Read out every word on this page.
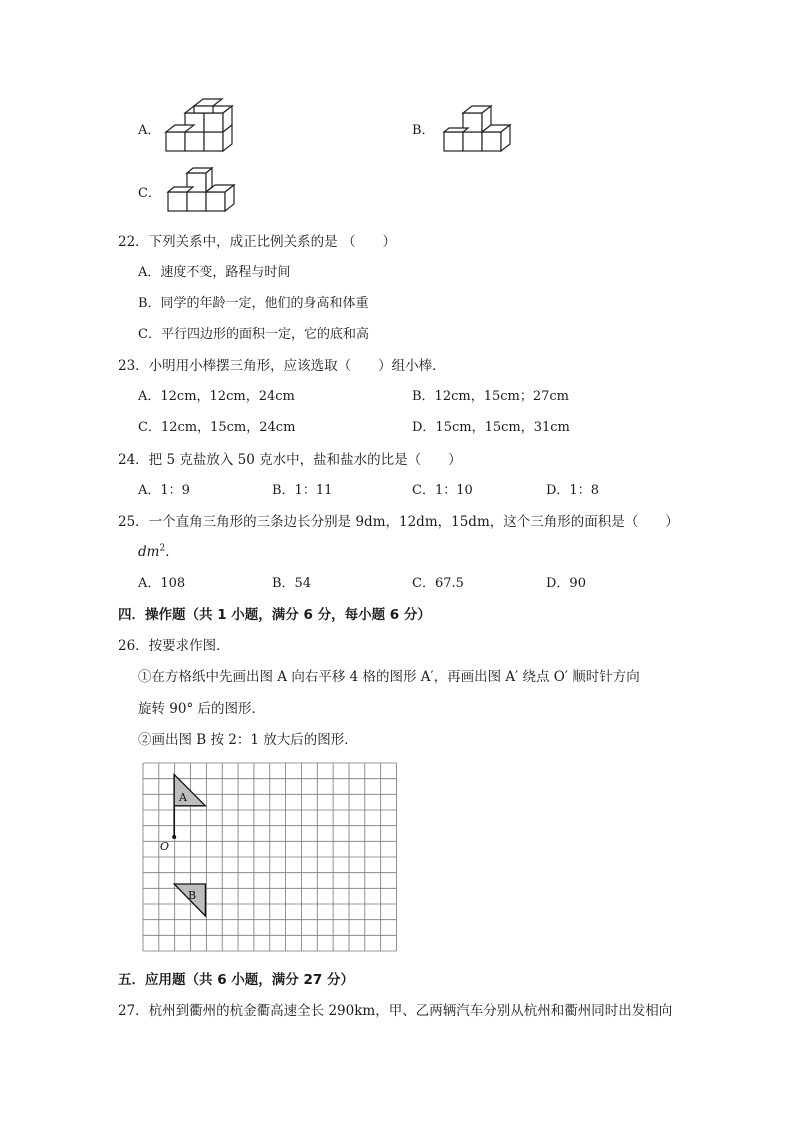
A．	B．
C．
22．下列关系中，成正比例关系的是 （　　）
A．速度不变，路程与时间
B．同学的年龄一定，他们的身高和体重
C．平行四边形的面积一定，它的底和高
23．小明用小棒摆三角形，应该选取（　　）组小棒．
A．12cm，12cm，24cm	B．12cm，15cm；27cm
C．12cm，15cm，24cm	D．15cm，15cm，31cm
24．把 5 克盐放入 50 克水中，盐和盐水的比是（　　）
A．1：9	B．1：11	C．1：10	D．1：8
25．一个直角三角形的三条边长分别是 9dm，12dm，15dm，这个三角形的面积是（　　）
$dm^2$．
A．108	B．54	C．67.5	D．90
四．操作题（共 1 小题，满分 6 分，每小题 6 分）
26．按要求作图．
①在方格纸中先画出图 A 向右平移 4 格的图形 A′，再画出图 A′ 绕点 O′ 顺时针方向
旋转 90° 后的图形．
②画出图 B 按 2：1 放大后的图形．
A
B
O
五．应用题（共 6 小题，满分 27 分）
27．杭州到衢州的杭金衢高速全长 290km，甲、乙两辆汽车分别从杭州和衢州同时出发相向
